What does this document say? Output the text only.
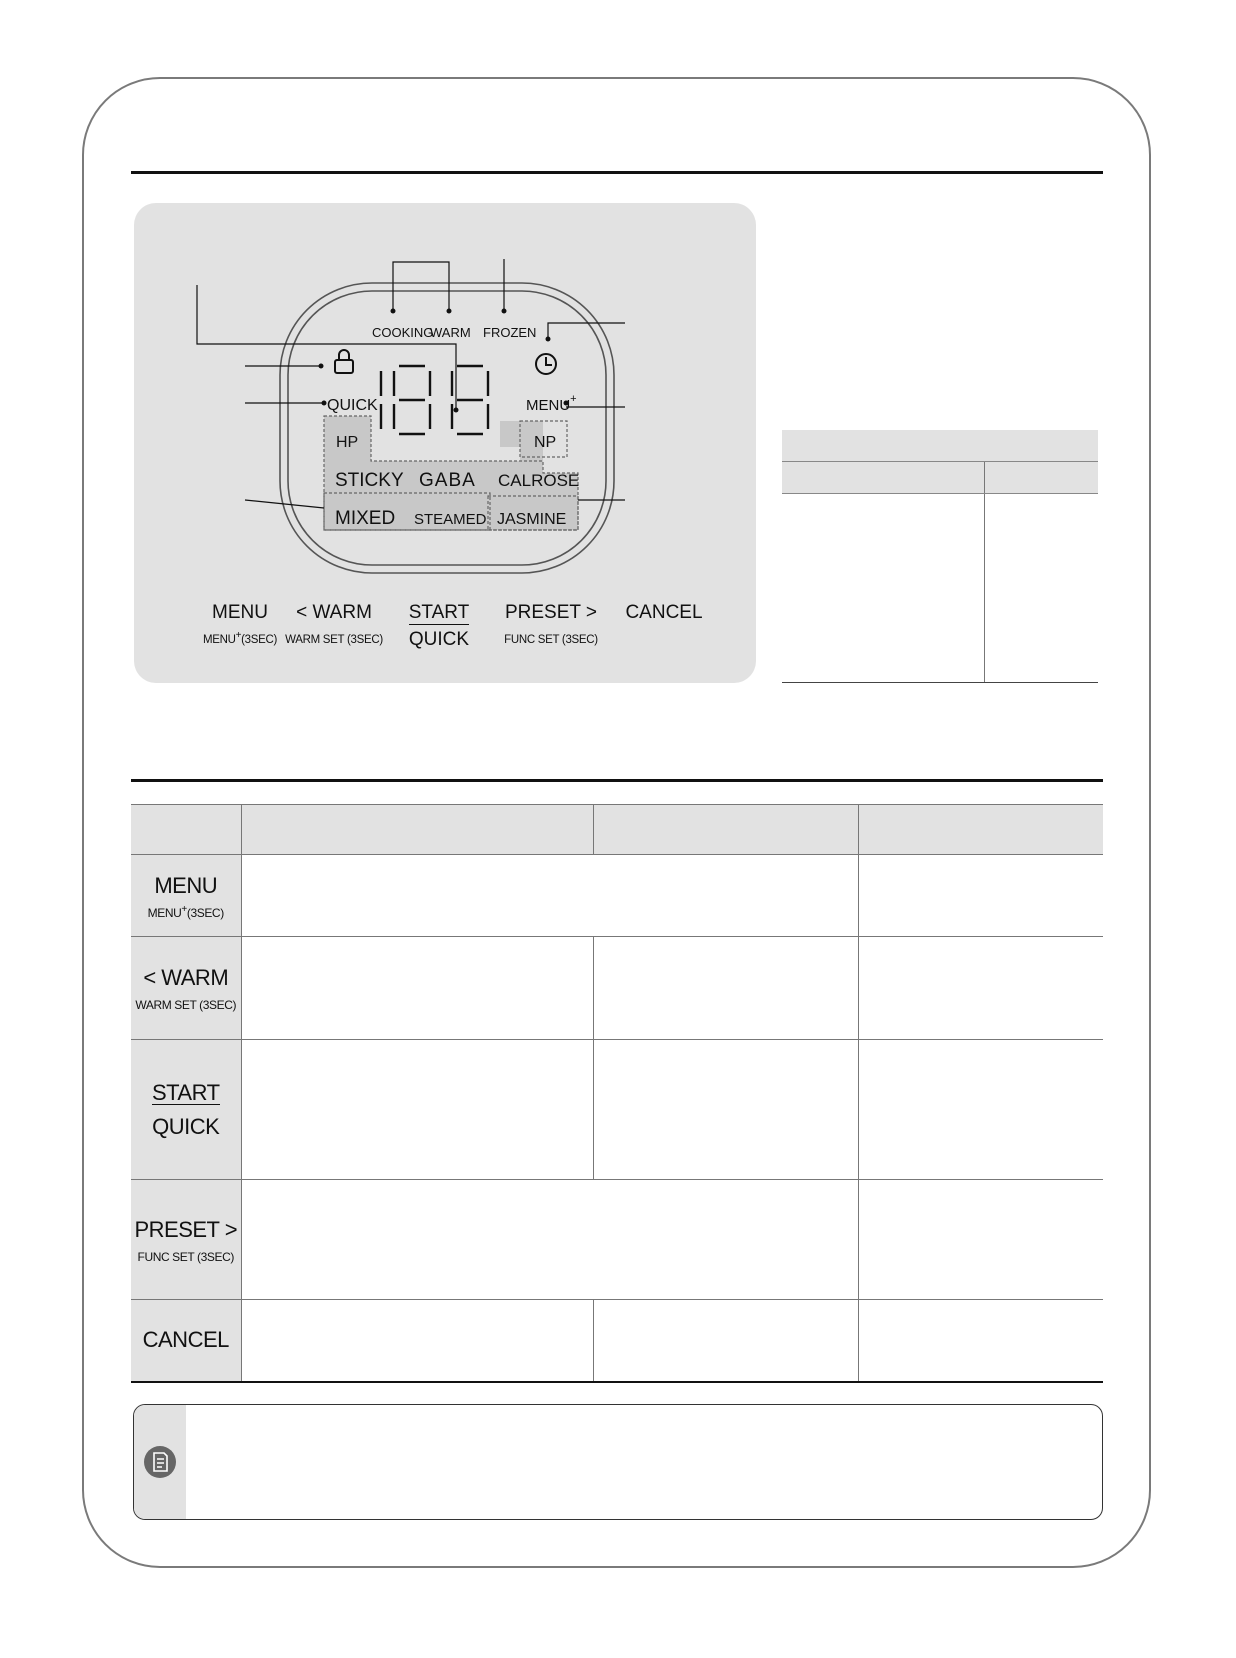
COOKING
WARM FROZEN
QUICK	MENU+
HP	NP
STICKY GABA CALROSE
MIXED STEAMED JASMINE
MENU
MENU+(3SEC)
< WARM
WARM SET (3SEC)
START
QUICK
PRESET >
FUNC SET (3SEC)
CANCEL

MENU
MENU+(3SEC)			

< WARM
WARM SET (3SEC)			

START
QUICK			

PRESET >
FUNC SET (3SEC)			

CANCEL			
